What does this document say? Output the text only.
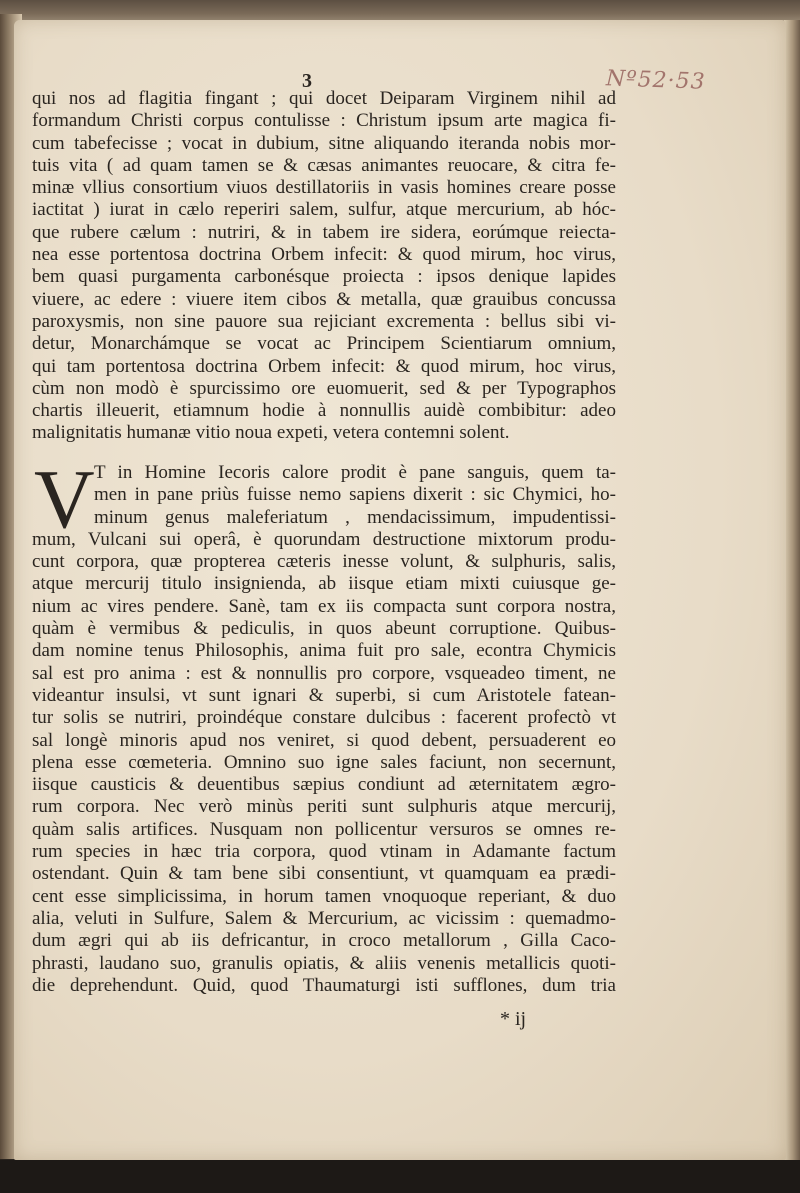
3	Nº52·53
qui nos ad flagitia fingant ; qui docet Deiparam Virginem nihil ad
formandum Christi corpus contulisse : Christum ipsum arte magica fi-
cum tabefecisse ; vocat in dubium, sitne aliquando iteranda nobis mor-
tuis vita ( ad quam tamen se & cæsas animantes reuocare, & citra fe-
minæ vllius consortium viuos destillatoriis in vasis homines creare posse
iactitat ) iurat in cælo reperiri salem, sulfur, atque mercurium, ab hóc-
que rubere cælum : nutriri, & in tabem ire sidera, eorúmque reiecta-
nea esse portentosa doctrina Orbem infecit: & quod mirum, hoc virus,
bem quasi purgamenta carbonésque proiecta : ipsos denique lapides
viuere, ac edere : viuere item cibos & metalla, quæ grauibus concussa
paroxysmis, non sine pauore sua rejiciant excrementa : bellus sibi vi-
detur, Monarchámque se vocat ac Principem Scientiarum omnium,
qui tam portentosa doctrina Orbem infecit: & quod mirum, hoc virus,
cùm non modò è spurcissimo ore euomuerit, sed & per Typographos
chartis illeuerit, etiamnum hodie à nonnullis auidè combibitur: adeo
malignitatis humanæ vitio noua expeti, vetera contemni solent.
V T in Homine Iecoris calore prodit è pane sanguis, quem ta-
men in pane priùs fuisse nemo sapiens dixerit : sic Chymici, ho-
minum genus maleferiatum , mendacissimum, impudentissi-
mum, Vulcani sui operâ, è quorundam destructione mixtorum produ-
cunt corpora, quæ propterea cæteris inesse volunt, & sulphuris, salis,
atque mercurij titulo insignienda, ab iisque etiam mixti cuiusque ge-
nium ac vires pendere. Sanè, tam ex iis compacta sunt corpora nostra,
quàm è vermibus & pediculis, in quos abeunt corruptione. Quibus-
dam nomine tenus Philosophis, anima fuit pro sale, econtra Chymicis
sal est pro anima : est & nonnullis pro corpore, vsqueadeo timent, ne
videantur insulsi, vt sunt ignari & superbi, si cum Aristotele fatean-
tur solis se nutriri, proindéque constare dulcibus : facerent profectò vt
sal longè minoris apud nos veniret, si quod debent, persuaderent eo
plena esse cœmeteria. Omnino suo igne sales faciunt, non secernunt,
iisque causticis & deuentibus sæpius condiunt ad æternitatem ægro-
rum corpora. Nec verò minùs periti sunt sulphuris atque mercurij,
quàm salis artifices. Nusquam non pollicentur versuros se omnes re-
rum species in hæc tria corpora, quod vtinam in Adamante factum
ostendant. Quin & tam bene sibi consentiunt, vt quamquam ea prædi-
cent esse simplicissima, in horum tamen vnoquoque reperiant, & duo
alia, veluti in Sulfure, Salem & Mercurium, ac vicissim : quemadmo-
dum ægri qui ab iis defricantur, in croco metallorum , Gilla Caco-
phrasti, laudano suo, granulis opiatis, & aliis venenis metallicis quoti-
die deprehendunt. Quid, quod Thaumaturgi isti sufflones, dum tria
* ij
